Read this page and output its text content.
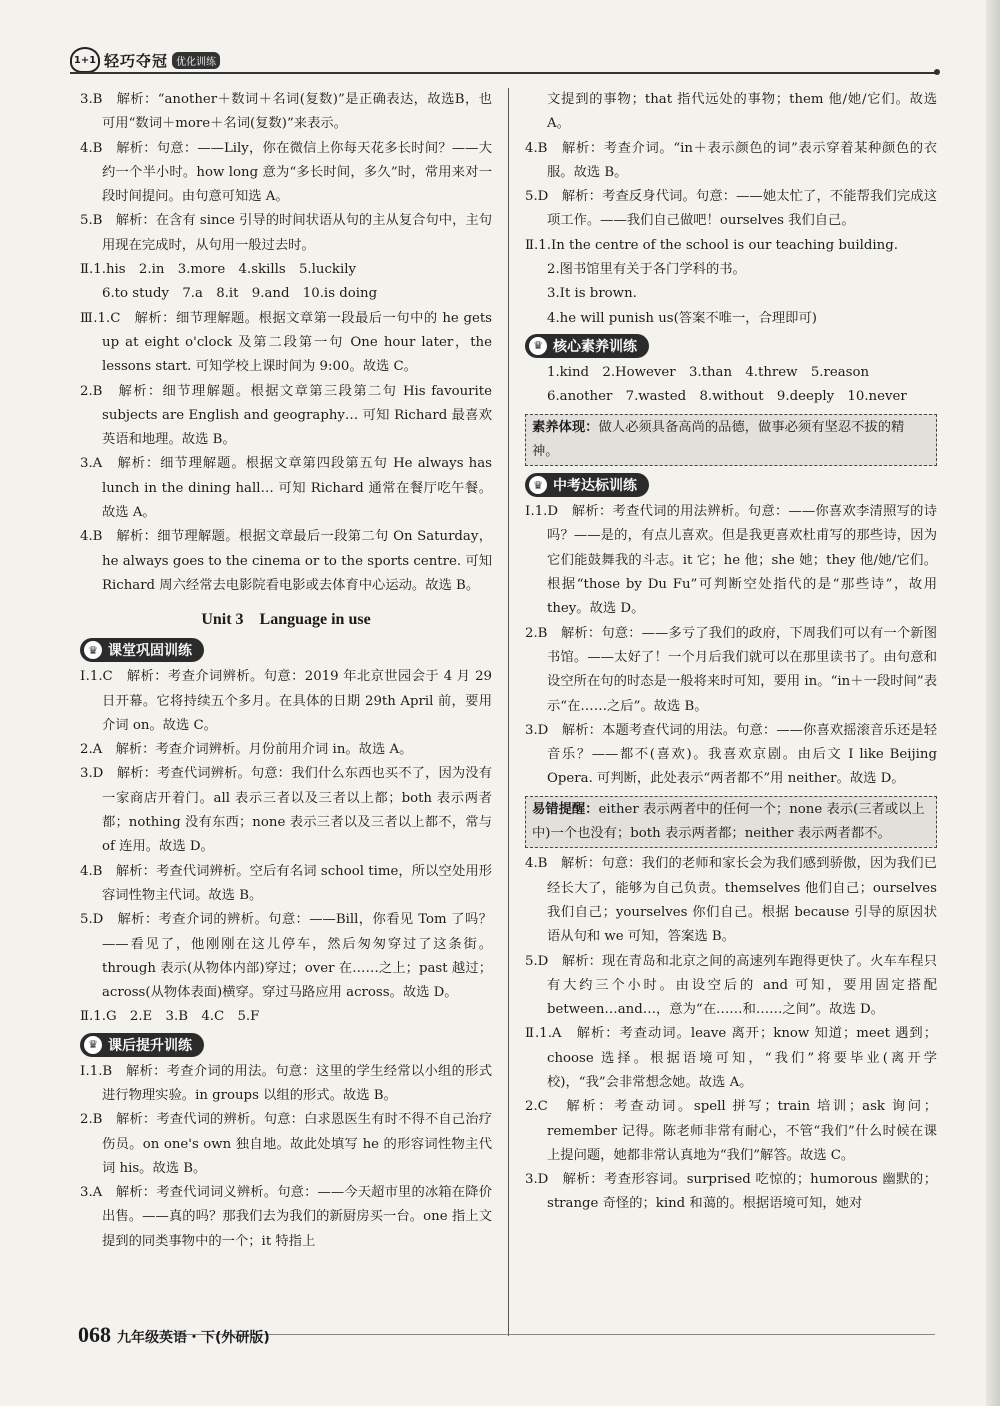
1+1 轻巧夺冠 优化训练

3.B　解析：“another＋数词＋名词(复数)”是正确表达，故选B，也可用“数词＋more＋名词(复数)”来表示。

4.B　解析：句意：——Lily，你在微信上你每天花多长时间？——大约一个半小时。how long 意为“多长时间，多久”时，常用来对一段时间提问。由句意可知选 A。

5.B　解析：在含有 since 引导的时间状语从句的主从复合句中，主句用现在完成时，从句用一般过去时。

Ⅱ.1.his　2.in　3.more　4.skills　5.luckily

6.to study　7.a　8.it　9.and　10.is doing

Ⅲ.1.C　解析：细节理解题。根据文章第一段最后一句中的 he gets up at eight o'clock 及第二段第一句 One hour later，the lessons start. 可知学校上课时间为 9:00。故选 C。

2.B　解析：细节理解题。根据文章第三段第二句 His favourite subjects are English and geography… 可知 Richard 最喜欢英语和地理。故选 B。

3.A　解析：细节理解题。根据文章第四段第五句 He always has lunch in the dining hall… 可知 Richard 通常在餐厅吃午餐。故选 A。

4.B　解析：细节理解题。根据文章最后一段第二句 On Saturday，he always goes to the cinema or to the sports centre. 可知 Richard 周六经常去电影院看电影或去体育中心运动。故选 B。

Unit 3　Language in use
♛ 课堂巩固训练

Ⅰ.1.C　解析：考查介词辨析。句意：2019 年北京世园会于 4 月 29 日开幕。它将持续五个多月。在具体的日期 29th April 前，要用介词 on。故选 C。

2.A　解析：考查介词辨析。月份前用介词 in。故选 A。

3.D　解析：考查代词辨析。句意：我们什么东西也买不了，因为没有一家商店开着门。all 表示三者以及三者以上都；both 表示两者都；nothing 没有东西；none 表示三者以及三者以上都不，常与 of 连用。故选 D。

4.B　解析：考查代词辨析。空后有名词 school time，所以空处用形容词性物主代词。故选 B。

5.D　解析：考查介词的辨析。句意：——Bill，你看见 Tom 了吗？——看见了，他刚刚在这儿停车，然后匆匆穿过了这条街。through 表示(从物体内部)穿过；over 在……之上；past 越过；across(从物体表面)横穿。穿过马路应用 across。故选 D。

Ⅱ.1.G　2.E　3.B　4.C　5.F

♛ 课后提升训练

Ⅰ.1.B　解析：考查介词的用法。句意：这里的学生经常以小组的形式进行物理实验。in groups 以组的形式。故选 B。

2.B　解析：考查代词的辨析。句意：白求恩医生有时不得不自己治疗伤员。on one's own 独自地。故此处填写 he 的形容词性物主代词 his。故选 B。

3.A　解析：考查代词词义辨析。句意：——今天超市里的冰箱在降价出售。——真的吗？那我们去为我们的新厨房买一台。one 指上文提到的同类事物中的一个；it 特指上

文提到的事物；that 指代远处的事物；them 他/她/它们。故选 A。

4.B　解析：考查介词。“in＋表示颜色的词”表示穿着某种颜色的衣服。故选 B。

5.D　解析：考查反身代词。句意：——她太忙了，不能帮我们完成这项工作。——我们自己做吧！ourselves 我们自己。

Ⅱ.1.In the centre of the school is our teaching building.

2.图书馆里有关于各门学科的书。

3.It is brown.

4.he will punish us(答案不唯一，合理即可)

♛ 核心素养训练

1.kind　2.However　3.than　4.threw　5.reason

6.another　7.wasted　8.without　9.deeply　10.never

素养体现：做人必须具备高尚的品德，做事必须有坚忍不拔的精神。
♛ 中考达标训练

Ⅰ.1.D　解析：考查代词的用法辨析。句意：——你喜欢李清照写的诗吗？——是的，有点儿喜欢。但是我更喜欢杜甫写的那些诗，因为它们能鼓舞我的斗志。it 它；he 他；she 她；they 他/她/它们。根据“those by Du Fu”可判断空处指代的是“那些诗”，故用 they。故选 D。

2.B　解析：句意：——多亏了我们的政府，下周我们可以有一个新图书馆。——太好了！一个月后我们就可以在那里读书了。由句意和设空所在句的时态是一般将来时可知，要用 in。“in＋一段时间”表示“在……之后”。故选 B。

3.D　解析：本题考查代词的用法。句意：——你喜欢摇滚音乐还是轻音乐？——都不(喜欢)。我喜欢京剧。由后文 I like Beijing Opera. 可判断，此处表示“两者都不”用 neither。故选 D。

易错提醒：either 表示两者中的任何一个；none 表示(三者或以上中)一个也没有；both 表示两者都；neither 表示两者都不。

4.B　解析：句意：我们的老师和家长会为我们感到骄傲，因为我们已经长大了，能够为自己负责。themselves 他们自己；ourselves 我们自己；yourselves 你们自己。根据 because 引导的原因状语从句和 we 可知，答案选 B。

5.D　解析：现在青岛和北京之间的高速列车跑得更快了。火车车程只有大约三个小时。由设空后的 and 可知，要用固定搭配 between…and…，意为“在……和……之间”。故选 D。

Ⅱ.1.A　解析：考查动词。leave 离开；know 知道；meet 遇到；choose 选择。根据语境可知，“我们”将要毕业(离开学校)，“我”会非常想念她。故选 A。

2.C　解析：考查动词。spell 拼写；train 培训；ask 询问；remember 记得。陈老师非常有耐心，不管“我们”什么时候在课上提问题，她都非常认真地为“我们”解答。故选 C。

3.D　解析：考查形容词。surprised 吃惊的；humorous 幽默的；strange 奇怪的；kind 和蔼的。根据语境可知，她对

068 九年级英语・下(外研版)
